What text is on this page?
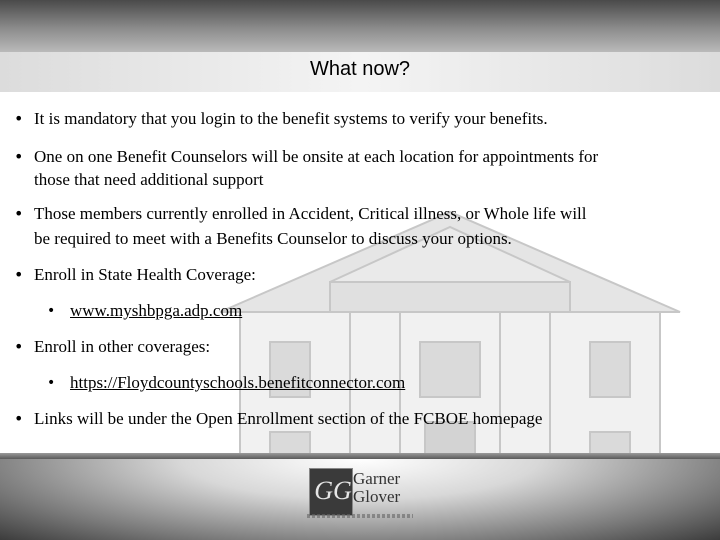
What now?
• It is mandatory that you login to the benefit systems to verify your benefits.
• One on one Benefit Counselors will be onsite at each location for appointments for
those that need additional support
• Those members currently enrolled in Accident, Critical illness, or Whole life will
be required to meet with a Benefits Counselor to discuss your options.
• Enroll in State Health Coverage:
• www.myshbpga.adp.com
• Enroll in other coverages:
• https://Floydcountyschools.benefitconnector.com
• Links will be under the Open Enrollment section of the FCBOE homepage
GG Garner
Glover
